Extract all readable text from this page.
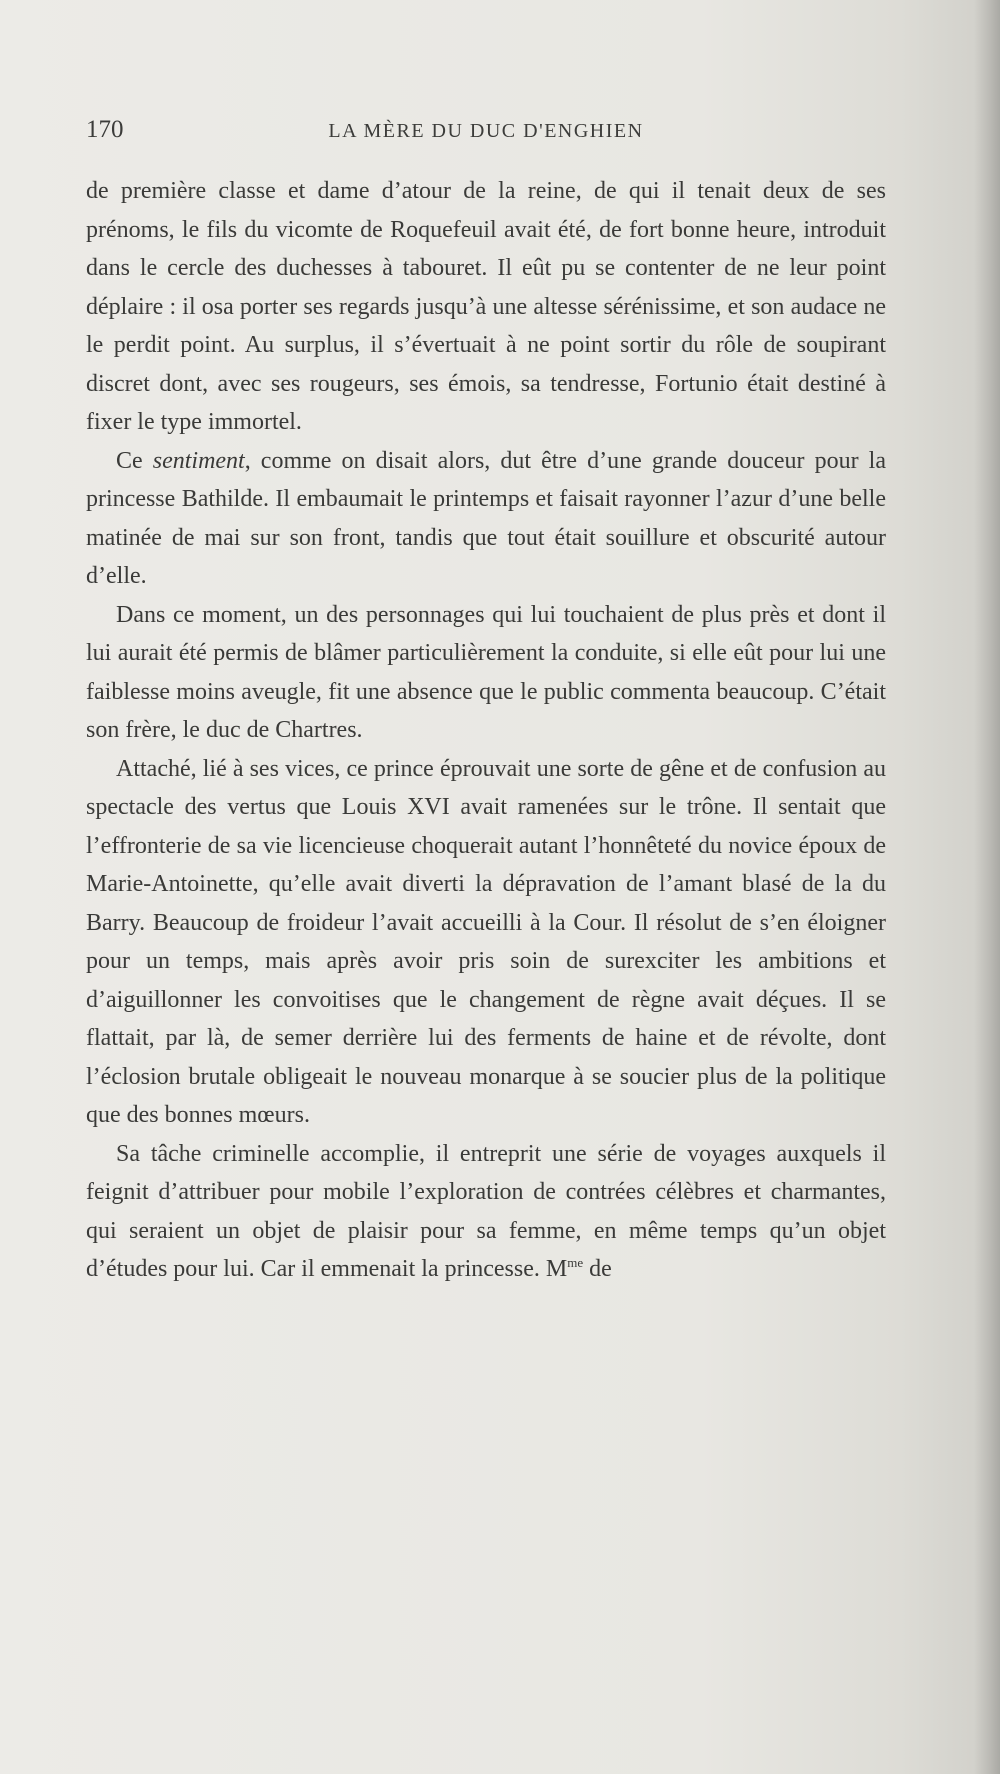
170	LA MÈRE DU DUC D'ENGHIEN

de première classe et dame d’atour de la reine, de qui il tenait deux de ses prénoms, le fils du vicomte de Roquefeuil avait été, de fort bonne heure, introduit dans le cercle des duchesses à tabouret. Il eût pu se contenter de ne leur point déplaire : il osa porter ses regards jusqu’à une altesse sérénissime, et son audace ne le perdit point. Au surplus, il s’évertuait à ne point sortir du rôle de soupirant discret dont, avec ses rougeurs, ses émois, sa tendresse, Fortunio était destiné à fixer le type immortel.

Ce sentiment, comme on disait alors, dut être d’une grande douceur pour la princesse Bathilde. Il embaumait le printemps et faisait rayonner l’azur d’une belle matinée de mai sur son front, tandis que tout était souillure et obscurité autour d’elle.

Dans ce moment, un des personnages qui lui touchaient de plus près et dont il lui aurait été permis de blâmer particulièrement la conduite, si elle eût pour lui une faiblesse moins aveugle, fit une absence que le public commenta beaucoup. C’était son frère, le duc de Chartres.

Attaché, lié à ses vices, ce prince éprouvait une sorte de gêne et de confusion au spectacle des vertus que Louis XVI avait ramenées sur le trône. Il sentait que l’effronterie de sa vie licencieuse choquerait autant l’honnêteté du novice époux de Marie-Antoinette, qu’elle avait diverti la dépravation de l’amant blasé de la du Barry. Beaucoup de froideur l’avait accueilli à la Cour. Il résolut de s’en éloigner pour un temps, mais après avoir pris soin de surexciter les ambitions et d’aiguillonner les convoitises que le changement de règne avait déçues. Il se flattait, par là, de semer derrière lui des ferments de haine et de révolte, dont l’éclosion brutale obligeait le nouveau monarque à se soucier plus de la politique que des bonnes mœurs.

Sa tâche criminelle accomplie, il entreprit une série de voyages auxquels il feignit d’attribuer pour mobile l’exploration de contrées célèbres et charmantes, qui seraient un objet de plaisir pour sa femme, en même temps qu’un objet d’études pour lui. Car il emmenait la princesse. $M^{me}$ de
